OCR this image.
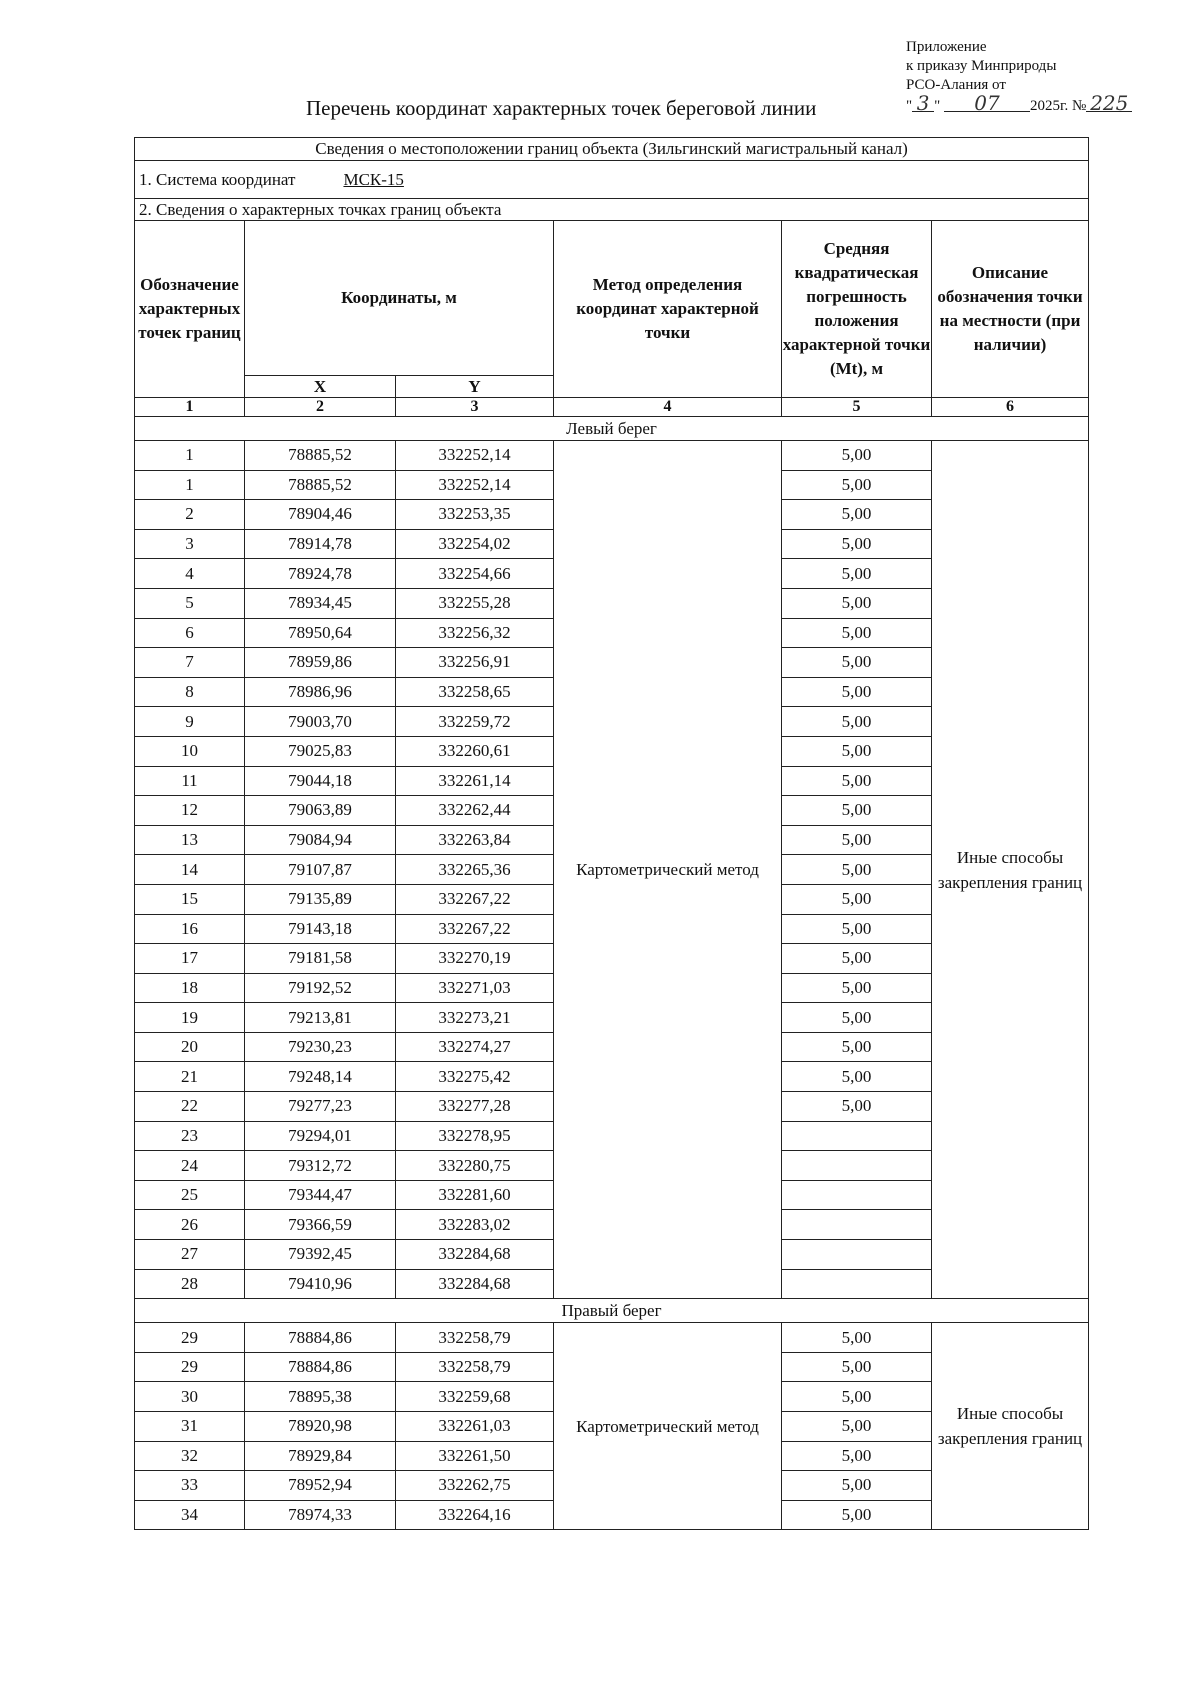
Приложение
к приказу Минприроды
РСО-Алания от
" 3 " 07 2025г. № 225
Перечень координат характерных точек береговой линии
Сведения о местоположении границ объекта (Зильгинский магистральный канал)					
1. Система координат МСК-15					
2. Сведения о характерных точках границ объекта					
Обозначение характерных точек границ	Координаты, м		Метод определения координат характерной точки	Средняя квадратическая погрешность положения характерной точки (Mt), м	Описание обозначения точки на местности (при наличии)
	X	Y			
1	2	3	4	5	6
Левый берег					
1	78885,52	332252,14	Картометрический метод	5,00	Иные способы закрепления границ
1	78885,52	332252,14		5,00	
2	78904,46	332253,35		5,00	
3	78914,78	332254,02		5,00	
4	78924,78	332254,66		5,00	
5	78934,45	332255,28		5,00	
6	78950,64	332256,32		5,00	
7	78959,86	332256,91		5,00	
8	78986,96	332258,65		5,00	
9	79003,70	332259,72		5,00	
10	79025,83	332260,61		5,00	
11	79044,18	332261,14		5,00	
12	79063,89	332262,44		5,00	
13	79084,94	332263,84		5,00	
14	79107,87	332265,36		5,00	
15	79135,89	332267,22		5,00	
16	79143,18	332267,22		5,00	
17	79181,58	332270,19		5,00	
18	79192,52	332271,03		5,00	
19	79213,81	332273,21		5,00	
20	79230,23	332274,27		5,00	
21	79248,14	332275,42		5,00	
22	79277,23	332277,28		5,00	
23	79294,01	332278,95			
24	79312,72	332280,75			
25	79344,47	332281,60			
26	79366,59	332283,02			
27	79392,45	332284,68			
28	79410,96	332284,68			
Правый берег					
29	78884,86	332258,79	Картометрический метод	5,00	Иные способы закрепления границ
29	78884,86	332258,79		5,00	
30	78895,38	332259,68		5,00	
31	78920,98	332261,03		5,00	
32	78929,84	332261,50		5,00	
33	78952,94	332262,75		5,00	
34	78974,33	332264,16		5,00	
